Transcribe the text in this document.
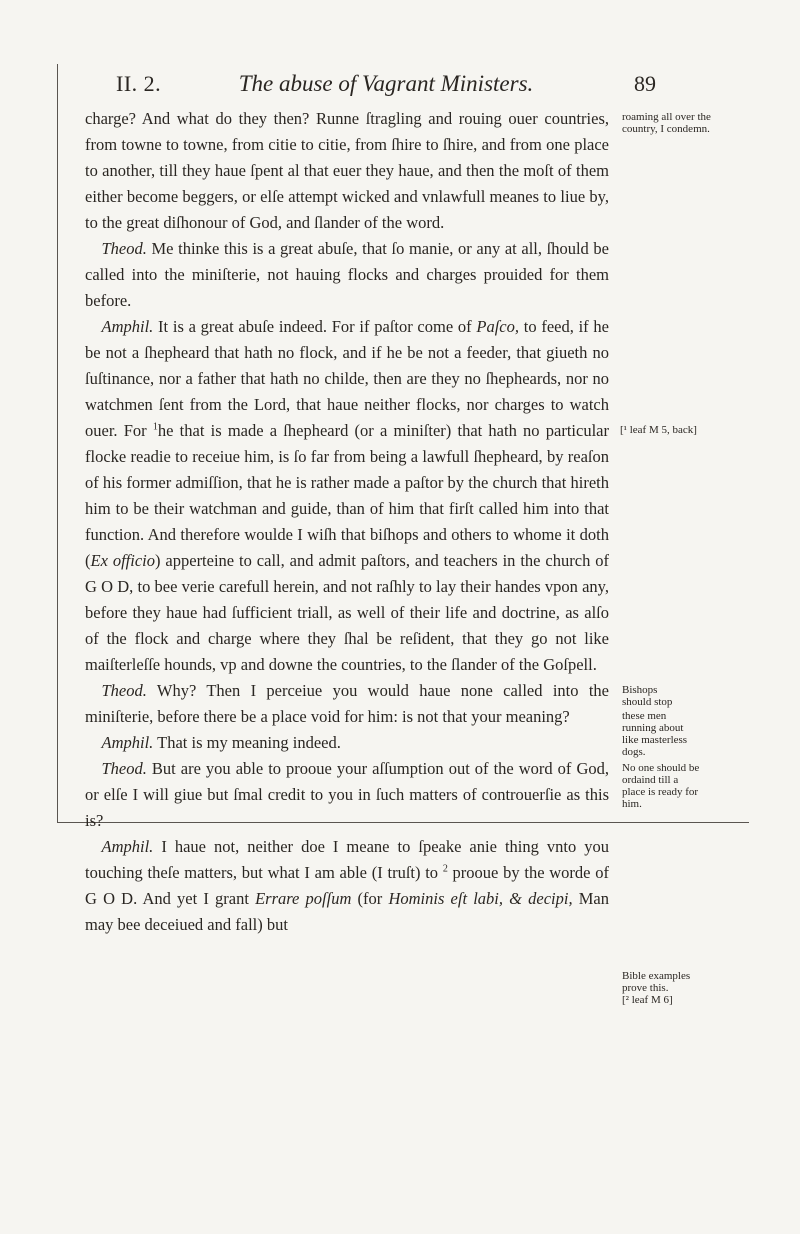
II. 2.	The abuse of Vagrant Ministers.	89

charge? And what do they then? Runne ſtragling and rouing ouer countries, from towne to towne, from citie to citie, from ſhire to ſhire, and from one place to another, till they haue ſpent al that euer they haue, and then the moſt of them either become beggers, or elſe attempt wicked and vnlawfull meanes to liue by, to the great diſhonour of God, and ſlander of the word.

 Theod. Me thinke this is a great abuſe, that ſo manie, or any at all, ſhould be called into the miniſterie, not hauing flocks and charges prouided for them before.

 Amphil. It is a great abuſe indeed. For if paſtor come of Paſco, to feed, if he be not a ſhepheard that hath no flock, and if he be not a feeder, that giueth no ſuſtinance, nor a father that hath no childe, then are they no ſhepheards, nor no watchmen ſent from the Lord, that haue neither flocks, nor charges to watch ouer. For $^1$he that is made a ſhepheard (or a miniſter) that hath no particular flocke readie to receiue him, is ſo far from being a lawfull ſhepheard, by reaſon of his former admiſſion, that he is rather made a paſtor by the church that hireth him to be their watchman and guide, than of him that firſt called him into that function. And therefore woulde I wiſh that biſhops and others to whome it doth (Ex officio) apperteine to call, and admit paſtors, and teachers in the church of G O D, to bee verie carefull herein, and not raſhly to lay their handes vpon any, before they haue had ſufficient triall, as well of their life and doctrine, as alſo of the flock and charge where they ſhal be reſident, that they go not like maiſterleſſe hounds, vp and downe the countries, to the ſlander of the Goſpell.

 Theod. Why? Then I perceiue you would haue none called into the miniſterie, before there be a place void for him: is not that your meaning?

 Amphil. That is my meaning indeed.

 Theod. But are you able to prooue your aſſumption out of the word of God, or elſe I will giue but ſmal credit to you in ſuch matters of controuerſie as this is?

 Amphil. I haue not, neither doe I meane to ſpeake anie thing vnto you touching theſe matters, but what I am able (I truſt) to $^2$ prooue by the worde of G O D. And yet I grant Errare poſſum (for Hominis eſt labi, & decipi, Man may bee deceiued and fall) but

roaming all over the country, I condemn.
[¹ leaf M 5, back]
Bishops should stop
these men running about like masterless dogs.
No one should be ordaind till a place is ready for him.
Bible examples prove this.
[² leaf M 6]
